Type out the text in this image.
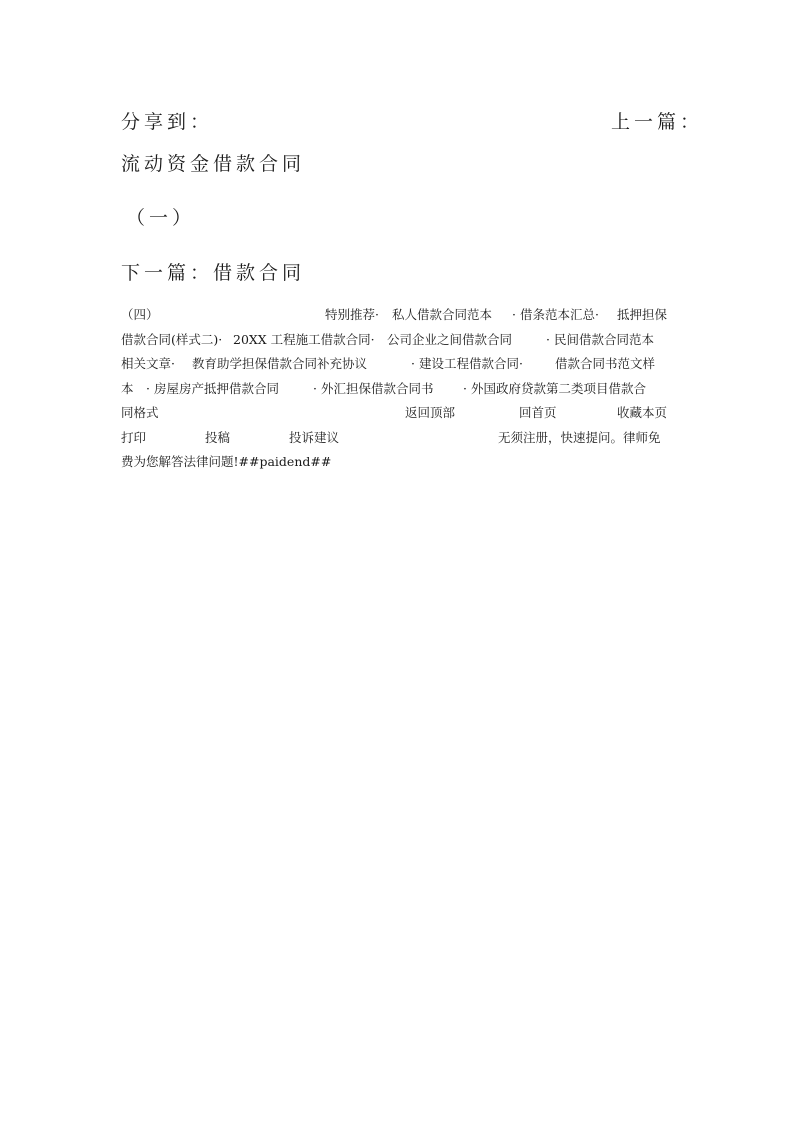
分享到：	上一篇：
流动资金借款合同
（一）
下一篇：借款合同
（四）	特别推荐· 私人借款合同范本 · 借条范本汇总· 抵押担保
借款合同(样式二)· 20XX 工程施工借款合同· 公司企业之间借款合同	· 民间借款合同范本
相关文章· 教育助学担保借款合同补充协议	· 建设工程借款合同·	借款合同书范文样
本 · 房屋房产抵押借款合同	· 外汇担保借款合同书 · 外国政府贷款第二类项目借款合
同格式	返回顶部	回首页	收藏本页
打印	投稿	投诉建议	无须注册，快速提问。律师免
费为您解答法律问题!##paidend##
